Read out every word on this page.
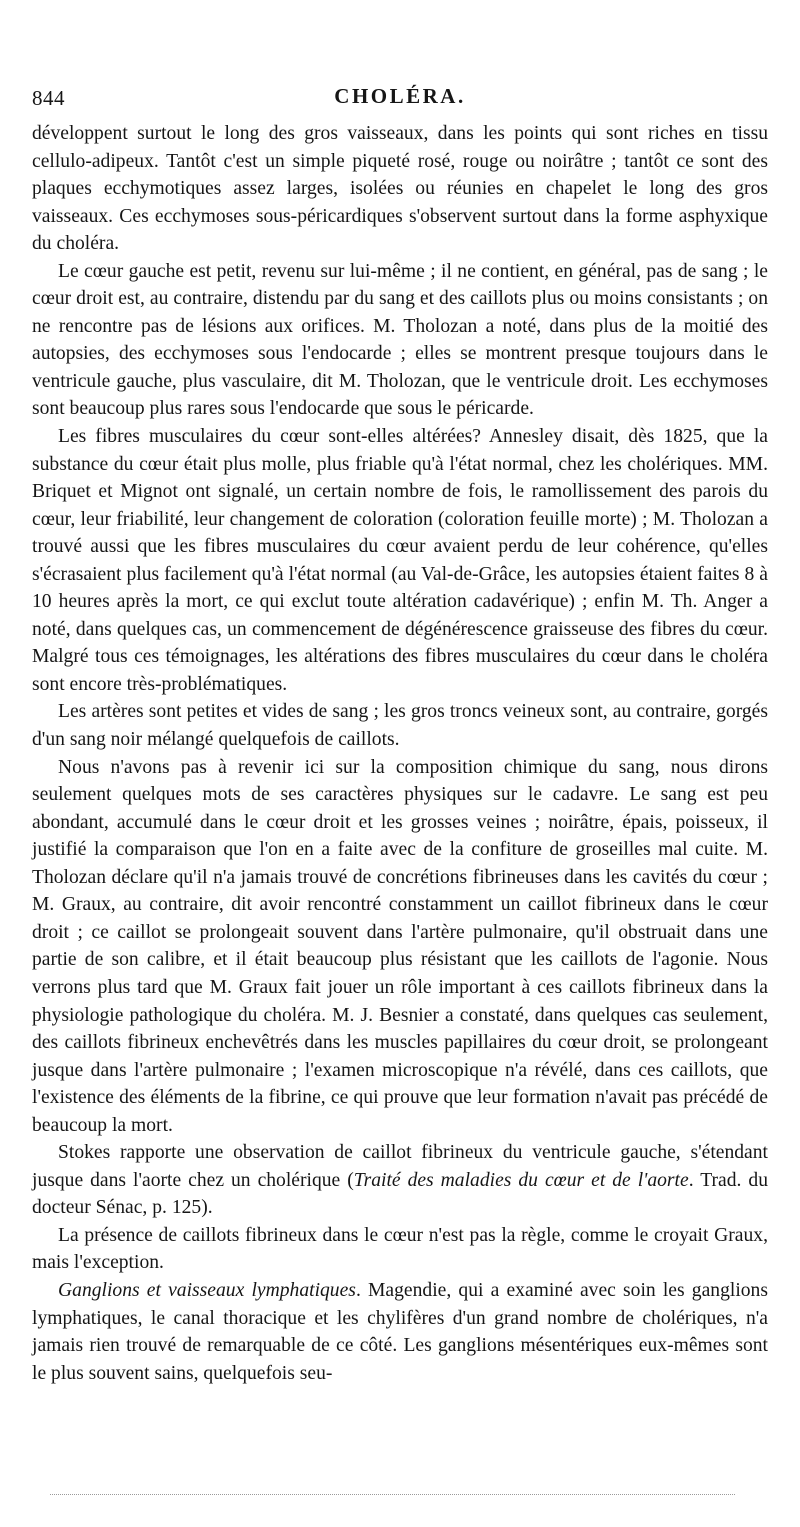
844	CHOLÉRA.

développent surtout le long des gros vaisseaux, dans les points qui sont riches en tissu cellulo-adipeux. Tantôt c'est un simple piqueté rosé, rouge ou noirâtre ; tantôt ce sont des plaques ecchymotiques assez larges, isolées ou réunies en chapelet le long des gros vaisseaux. Ces ecchymoses sous-péricardiques s'observent surtout dans la forme asphyxique du choléra.

Le cœur gauche est petit, revenu sur lui-même ; il ne contient, en général, pas de sang ; le cœur droit est, au contraire, distendu par du sang et des caillots plus ou moins consistants ; on ne rencontre pas de lésions aux orifices. M. Tholozan a noté, dans plus de la moitié des autopsies, des ecchymoses sous l'endocarde ; elles se montrent presque toujours dans le ventricule gauche, plus vasculaire, dit M. Tholozan, que le ventricule droit. Les ecchymoses sont beaucoup plus rares sous l'endocarde que sous le péricarde.

Les fibres musculaires du cœur sont-elles altérées? Annesley disait, dès 1825, que la substance du cœur était plus molle, plus friable qu'à l'état normal, chez les cholériques. MM. Briquet et Mignot ont signalé, un certain nombre de fois, le ramollissement des parois du cœur, leur friabilité, leur changement de coloration (coloration feuille morte) ; M. Tholozan a trouvé aussi que les fibres musculaires du cœur avaient perdu de leur cohérence, qu'elles s'écrasaient plus facilement qu'à l'état normal (au Val-de-Grâce, les autopsies étaient faites 8 à 10 heures après la mort, ce qui exclut toute altération cadavérique) ; enfin M. Th. Anger a noté, dans quelques cas, un commencement de dégénérescence graisseuse des fibres du cœur. Malgré tous ces témoignages, les altérations des fibres musculaires du cœur dans le choléra sont encore très-problématiques.

Les artères sont petites et vides de sang ; les gros troncs veineux sont, au contraire, gorgés d'un sang noir mélangé quelquefois de caillots.

Nous n'avons pas à revenir ici sur la composition chimique du sang, nous dirons seulement quelques mots de ses caractères physiques sur le cadavre. Le sang est peu abondant, accumulé dans le cœur droit et les grosses veines ; noirâtre, épais, poisseux, il justifié la comparaison que l'on en a faite avec de la confiture de groseilles mal cuite. M. Tholozan déclare qu'il n'a jamais trouvé de concrétions fibrineuses dans les cavités du cœur ; M. Graux, au contraire, dit avoir rencontré constamment un caillot fibrineux dans le cœur droit ; ce caillot se prolongeait souvent dans l'artère pulmonaire, qu'il obstruait dans une partie de son calibre, et il était beaucoup plus résistant que les caillots de l'agonie. Nous verrons plus tard que M. Graux fait jouer un rôle important à ces caillots fibrineux dans la physiologie pathologique du choléra. M. J. Besnier a constaté, dans quelques cas seulement, des caillots fibrineux enchevêtrés dans les muscles papillaires du cœur droit, se prolongeant jusque dans l'artère pulmonaire ; l'examen microscopique n'a révélé, dans ces caillots, que l'existence des éléments de la fibrine, ce qui prouve que leur formation n'avait pas précédé de beaucoup la mort.

Stokes rapporte une observation de caillot fibrineux du ventricule gauche, s'étendant jusque dans l'aorte chez un cholérique (Traité des maladies du cœur et de l'aorte. Trad. du docteur Sénac, p. 125).

La présence de caillots fibrineux dans le cœur n'est pas la règle, comme le croyait Graux, mais l'exception.

Ganglions et vaisseaux lymphatiques. Magendie, qui a examiné avec soin les ganglions lymphatiques, le canal thoracique et les chylifères d'un grand nombre de cholériques, n'a jamais rien trouvé de remarquable de ce côté. Les ganglions mésentériques eux-mêmes sont le plus souvent sains, quelquefois seu-
